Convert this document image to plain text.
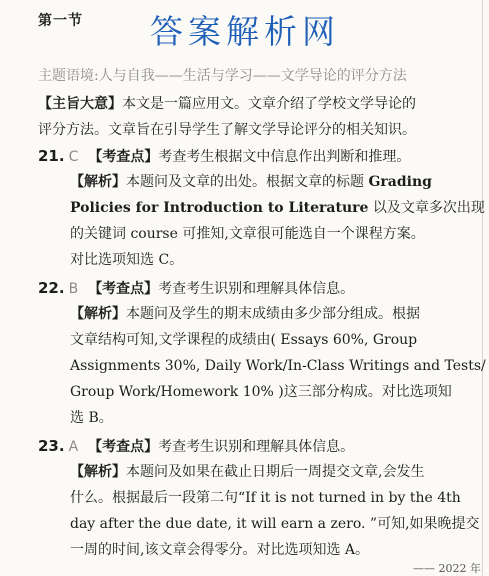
第一节 答案解析网
主题语境:人与自我——生活与学习——文学导论的评分方法
【主旨大意】本文是一篇应用文。文章介绍了学校文学导论的
评分方法。文章旨在引导学生了解文学导论评分的相关知识。
21. C 【考查点】考查考生根据文中信息作出判断和推理。
【解析】本题问及文章的出处。根据文章的标题 Grading
Policies for Introduction to Literature 以及文章多次出现
的关键词 course 可推知,文章很可能选自一个课程方案。
对比选项知选 C。
22. B 【考查点】考查考生识别和理解具体信息。
【解析】本题问及学生的期末成绩由多少部分组成。根据
文章结构可知,文学课程的成绩由( Essays 60%, Group
Assignments 30%, Daily Work/In-Class Writings and Tests/
Group Work/Homework 10% )这三部分构成。对比选项知
选 B。
23. A 【考查点】考查考生识别和理解具体信息。
【解析】本题问及如果在截止日期后一周提交文章,会发生
什么。根据最后一段第二句“If it is not turned in by the 4th
day after the due date, it will earn a zero. ”可知,如果晚提交
一周的时间,该文章会得零分。对比选项知选 A。
—— 2022 年
